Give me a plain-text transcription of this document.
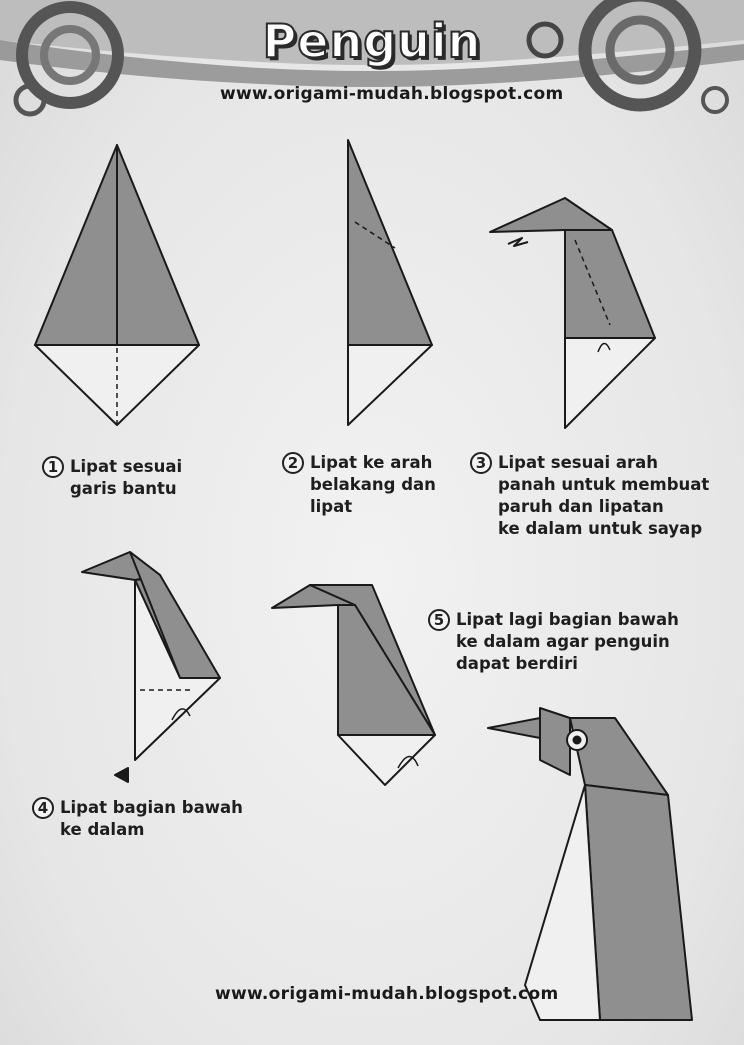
Penguin
www.origami-mudah.blogspot.com
1 Lipat sesuai
garis bantu
2 Lipat ke arah
belakang dan
lipat
3 Lipat sesuai arah
panah untuk membuat
paruh dan lipatan
ke dalam untuk sayap
4 Lipat bagian bawah
ke dalam
5 Lipat lagi bagian bawah
ke dalam agar penguin
dapat berdiri
www.origami-mudah.blogspot.com
